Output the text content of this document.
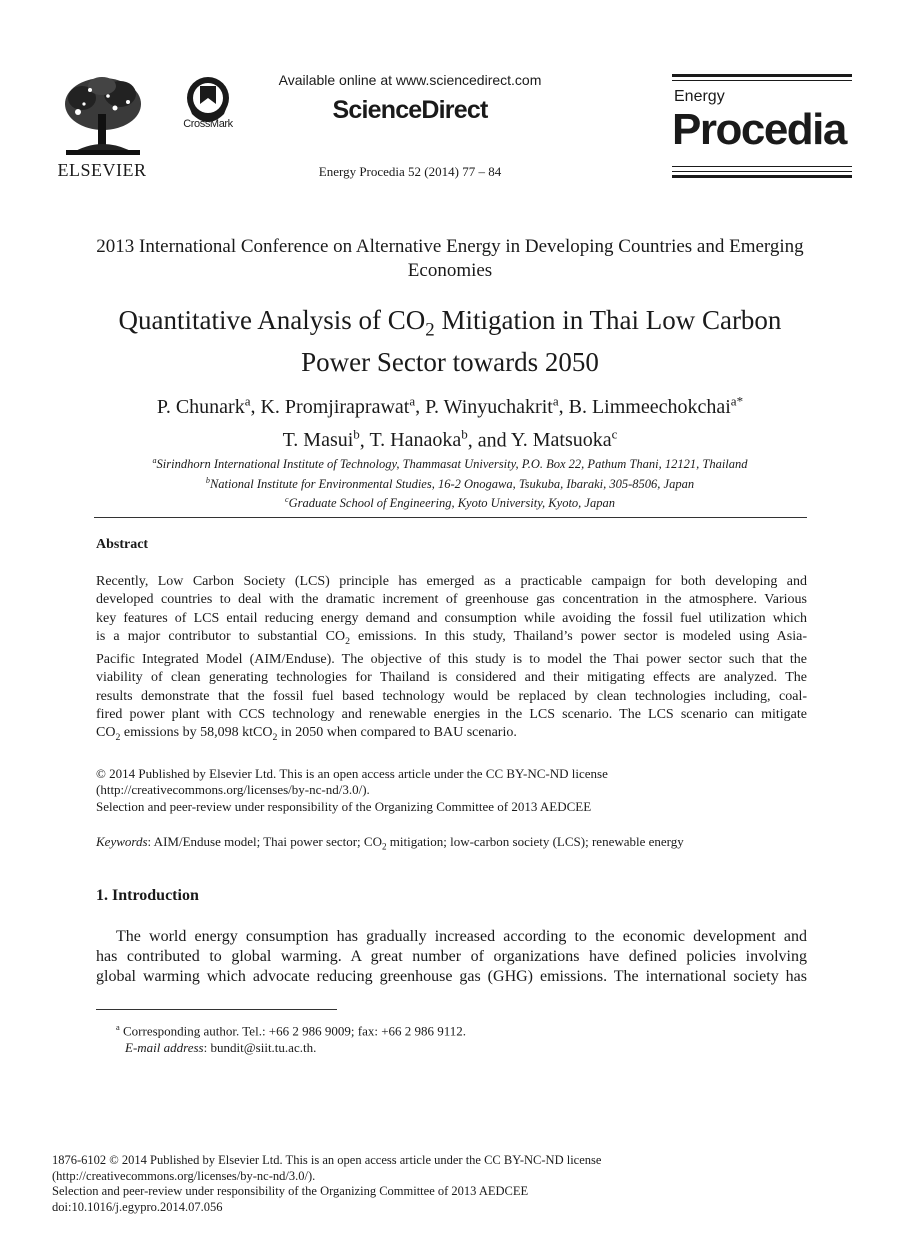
ELSEVIER
CrossMark
Available online at www.sciencedirect.com
ScienceDirect
Energy Procedia 52 (2014) 77 – 84
Energy
Procedia
2013 International Conference on Alternative Energy in Developing Countries and Emerging Economies
Quantitative Analysis of $CO_2$ Mitigation in Thai Low Carbon
Power Sector towards 2050
P. Chunark$^a$, K. Promjiraprawat$^a$, P. Winyuchakrit$^a$, B. Limmeechokchai$^{a*}$
T. Masui$^b$, T. Hanaoka$^b$, and Y. Matsuoka$^c$
$^a$Sirindhorn International Institute of Technology, Thammasat University, P.O. Box 22, Pathum Thani, 12121, Thailand
$^b$National Institute for Environmental Studies, 16-2 Onogawa, Tsukuba, Ibaraki, 305-8506, Japan
$^c$Graduate School of Engineering, Kyoto University, Kyoto, Japan
Abstract
Recently, Low Carbon Society (LCS) principle has emerged as a practicable campaign for both developing and
developed countries to deal with the dramatic increment of greenhouse gas concentration in the atmosphere. Various
key features of LCS entail reducing energy demand and consumption while avoiding the fossil fuel utilization which
is a major contributor to substantial $CO_2$ emissions. In this study, Thailand’s power sector is modeled using Asia-
Pacific Integrated Model (AIM/Enduse). The objective of this study is to model the Thai power sector such that the
viability of clean generating technologies for Thailand is considered and their mitigating effects are analyzed. The
results demonstrate that the fossil fuel based technology would be replaced by clean technologies including, coal-
fired power plant with CCS technology and renewable energies in the LCS scenario. The LCS scenario can mitigate
$CO_2$ emissions by 58,098 ktCO$_2$ in 2050 when compared to BAU scenario.
© 2014 Published by Elsevier Ltd. This is an open access article under the CC BY-NC-ND license
(http://creativecommons.org/licenses/by-nc-nd/3.0/).
Selection and peer-review under responsibility of the Organizing Committee of 2013 AEDCEE
Keywords: AIM/Enduse model; Thai power sector; $CO_2$ mitigation; low-carbon society (LCS); renewable energy
1. Introduction
The world energy consumption has gradually increased according to the economic development and
has contributed to global warming. A great number of organizations have defined policies involving
global warming which advocate reducing greenhouse gas (GHG) emissions. The international society has
$^a$ Corresponding author. Tel.: +66 2 986 9009; fax: +66 2 986 9112.
E-mail address: bundit@siit.tu.ac.th.
1876-6102 © 2014 Published by Elsevier Ltd. This is an open access article under the CC BY-NC-ND license
(http://creativecommons.org/licenses/by-nc-nd/3.0/).
Selection and peer-review under responsibility of the Organizing Committee of 2013 AEDCEE
doi:10.1016/j.egypro.2014.07.056
